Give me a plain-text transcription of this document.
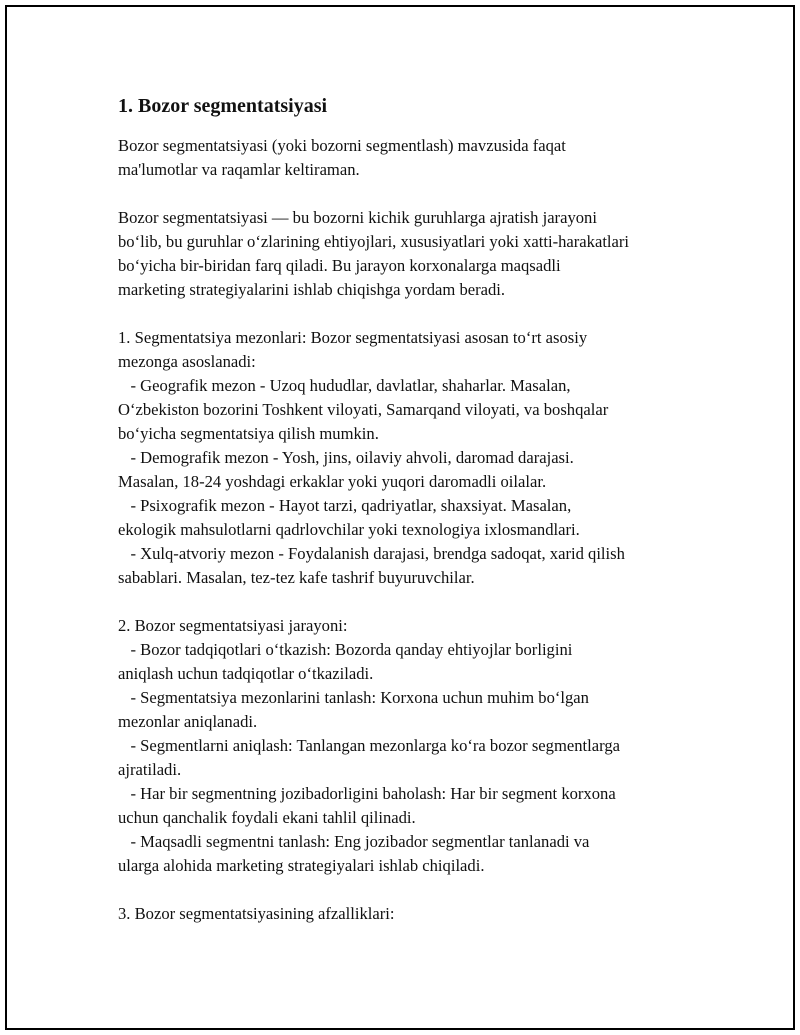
1. Bozor segmentatsiyasi

Bozor segmentatsiyasi (yoki bozorni segmentlash) mavzusida faqat
ma'lumotlar va raqamlar keltiraman.

Bozor segmentatsiyasi — bu bozorni kichik guruhlarga ajratish jarayoni
bo‘lib, bu guruhlar o‘zlarining ehtiyojlari, xususiyatlari yoki xatti-harakatlari
bo‘yicha bir-biridan farq qiladi. Bu jarayon korxonalarga maqsadli
marketing strategiyalarini ishlab chiqishga yordam beradi.

1. Segmentatsiya mezonlari: Bozor segmentatsiyasi asosan to‘rt asosiy
mezonga asoslanadi:
- Geografik mezon - Uzoq hududlar, davlatlar, shaharlar. Masalan,
O‘zbekiston bozorini Toshkent viloyati, Samarqand viloyati, va boshqalar
bo‘yicha segmentatsiya qilish mumkin.
- Demografik mezon - Yosh, jins, oilaviy ahvoli, daromad darajasi.
Masalan, 18-24 yoshdagi erkaklar yoki yuqori daromadli oilalar.
- Psixografik mezon - Hayot tarzi, qadriyatlar, shaxsiyat. Masalan,
ekologik mahsulotlarni qadrlovchilar yoki texnologiya ixlosmandlari.
- Xulq-atvoriy mezon - Foydalanish darajasi, brendga sadoqat, xarid qilish
sabablari. Masalan, tez-tez kafe tashrif buyuruvchilar.

2. Bozor segmentatsiyasi jarayoni:
- Bozor tadqiqotlari o‘tkazish: Bozorda qanday ehtiyojlar borligini
aniqlash uchun tadqiqotlar o‘tkaziladi.
- Segmentatsiya mezonlarini tanlash: Korxona uchun muhim bo‘lgan
mezonlar aniqlanadi.
- Segmentlarni aniqlash: Tanlangan mezonlarga ko‘ra bozor segmentlarga
ajratiladi.
- Har bir segmentning jozibadorligini baholash: Har bir segment korxona
uchun qanchalik foydali ekani tahlil qilinadi.
- Maqsadli segmentni tanlash: Eng jozibador segmentlar tanlanadi va
ularga alohida marketing strategiyalari ishlab chiqiladi.

3. Bozor segmentatsiyasining afzalliklari:
